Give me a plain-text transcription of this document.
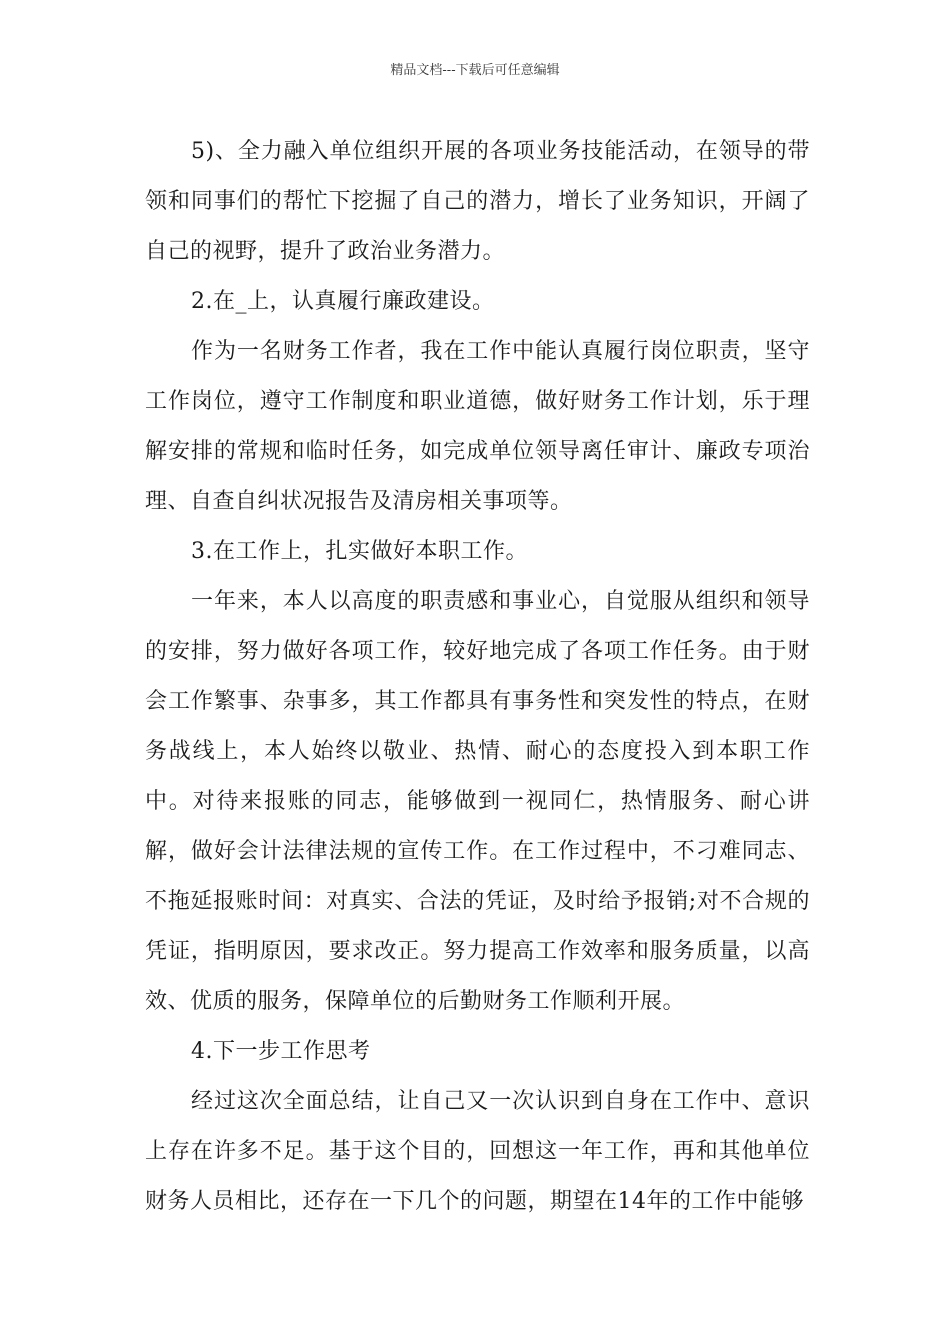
精品文档---下载后可任意编辑

5)、全力融入单位组织开展的各项业务技能活动，在领导的带领和同事们的帮忙下挖掘了自己的潜力，增长了业务知识，开阔了自己的视野，提升了政治业务潜力。

2.在_上，认真履行廉政建设。

作为一名财务工作者，我在工作中能认真履行岗位职责，坚守工作岗位，遵守工作制度和职业道德，做好财务工作计划，乐于理解安排的常规和临时任务，如完成单位领导离任审计、廉政专项治理、自查自纠状况报告及清房相关事项等。

3.在工作上，扎实做好本职工作。

一年来，本人以高度的职责感和事业心，自觉服从组织和领导的安排，努力做好各项工作，较好地完成了各项工作任务。由于财会工作繁事、杂事多，其工作都具有事务性和突发性的特点，在财务战线上，本人始终以敬业、热情、耐心的态度投入到本职工作中。对待来报账的同志，能够做到一视同仁，热情服务、耐心讲解，做好会计法律法规的宣传工作。在工作过程中，不刁难同志、不拖延报账时间：对真实、合法的凭证，及时给予报销;对不合规的凭证，指明原因，要求改正。努力提高工作效率和服务质量，以高效、优质的服务，保障单位的后勤财务工作顺利开展。

4.下一步工作思考

经过这次全面总结，让自己又一次认识到自身在工作中、意识上存在许多不足。基于这个目的，回想这一年工作，再和其他单位财务人员相比，还存在一下几个的问题，期望在14年的工作中能够
